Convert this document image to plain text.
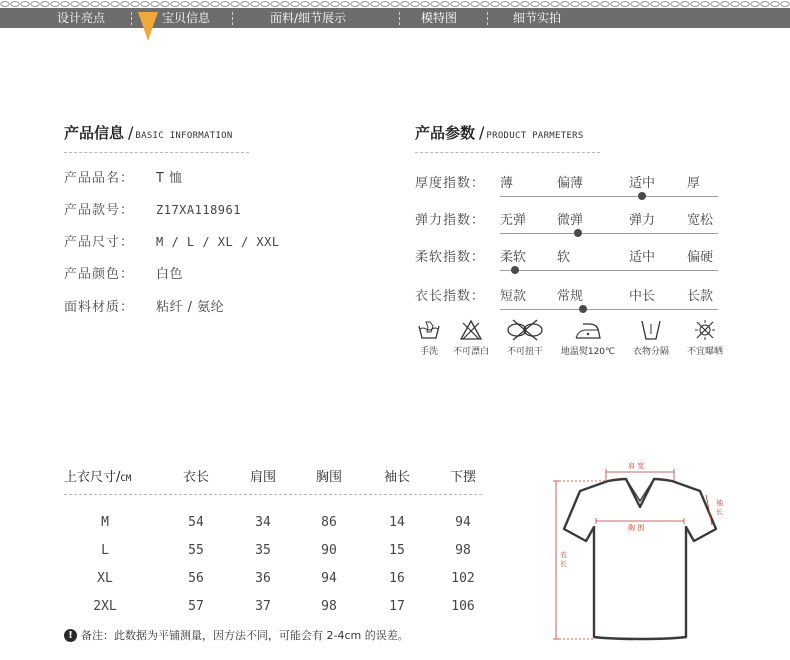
设计亮点	宝贝信息	面料/细节展示	模特图	细节实拍
产品信息 / BASIC INFORMATION
产品品名： T 恤
产品款号： Z17XA118961
产品尺寸： M / L / XL / XXL
产品颜色： 白色
面料材质： 粘纤 / 氨纶
产品参数 / PRODUCT PARMETERS
厚度指数： 薄	偏薄	适中 厚
弹力指数： 无弹 微弹	弹力 宽松
柔软指数： 柔软 软	适中 偏硬
衣长指数： 短款 常规	中长 长款
手洗	不可漂白	不可扭干	地温熨120℃	衣物分隔	不宜曝晒
上衣尺寸/CM	衣长	肩围	胸围	袖长	下摆
M	54	34	86	14	94
L	55	35	90	15	98
XL	56	36	94	16	102
2XL	57	37	98	17	106
! 备注：此数据为平铺测量，因方法不同，可能会有 2-4cm 的误差。
肩 宽
胸 围
袖长
衣长
